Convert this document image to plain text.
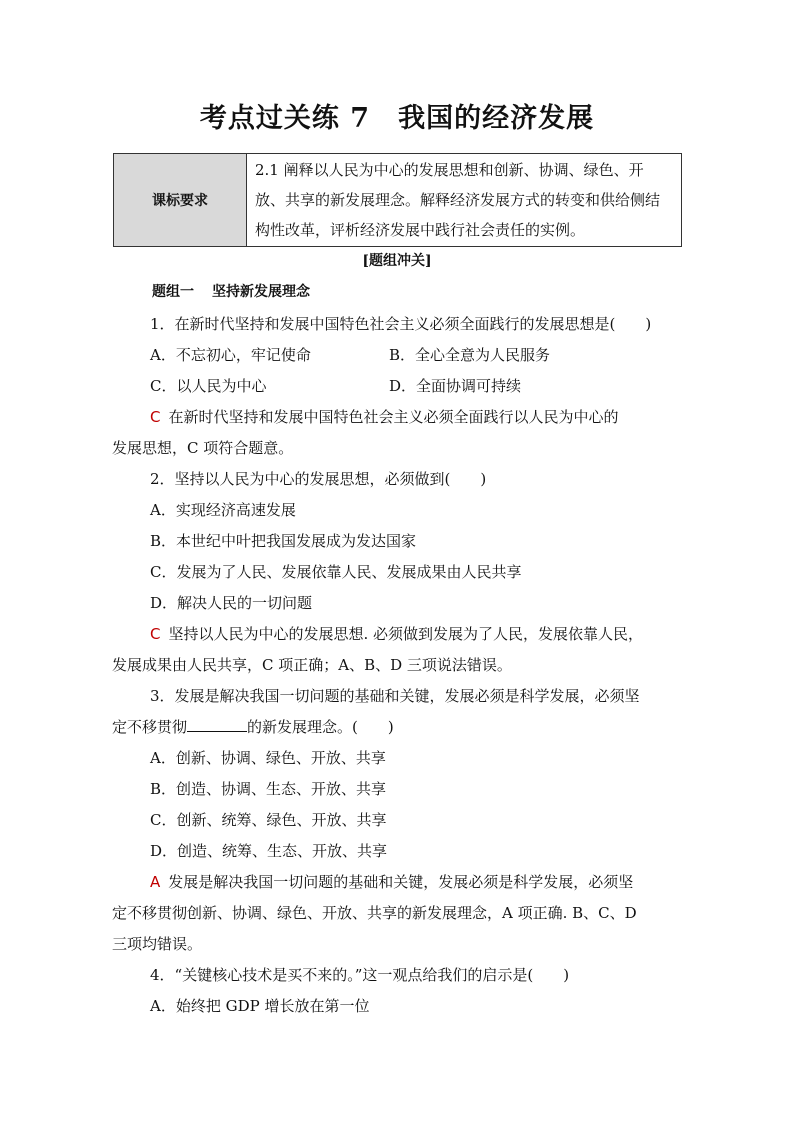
考点过关练 7　我国的经济发展
课标要求	2.1 阐释以人民为中心的发展思想和创新、协调、绿色、开放、共享的新发展理念。解释经济发展方式的转变和供给侧结构性改革，评析经济发展中践行社会责任的实例。
[题组冲关]
题组一 坚持新发展理念

1．在新时代坚持和发展中国特色社会主义必须全面践行的发展思想是(　　)

A．不忘初心，牢记使命	B．全心全意为人民服务
C．以人民为中心	D．全面协调可持续

C 在新时代坚持和发展中国特色社会主义必须全面践行以人民为中心的

发展思想，C 项符合题意。

2．坚持以人民为中心的发展思想，必须做到(　　)

A．实现经济高速发展

B．本世纪中叶把我国发展成为发达国家

C．发展为了人民、发展依靠人民、发展成果由人民共享

D．解决人民的一切问题

C 坚持以人民为中心的发展思想. 必须做到发展为了人民，发展依靠人民，

发展成果由人民共享，C 项正确；A、B、D 三项说法错误。

3．发展是解决我国一切问题的基础和关键，发展必须是科学发展，必须坚

定不移贯彻	的新发展理念。(　　)

A．创新、协调、绿色、开放、共享

B．创造、协调、生态、开放、共享

C．创新、统筹、绿色、开放、共享

D．创造、统筹、生态、开放、共享

A 发展是解决我国一切问题的基础和关键，发展必须是科学发展，必须坚

定不移贯彻创新、协调、绿色、开放、共享的新发展理念，A 项正确. B、C、D

三项均错误。

4．“关键核心技术是买不来的。”这一观点给我们的启示是(　　)

A．始终把 GDP 增长放在第一位
